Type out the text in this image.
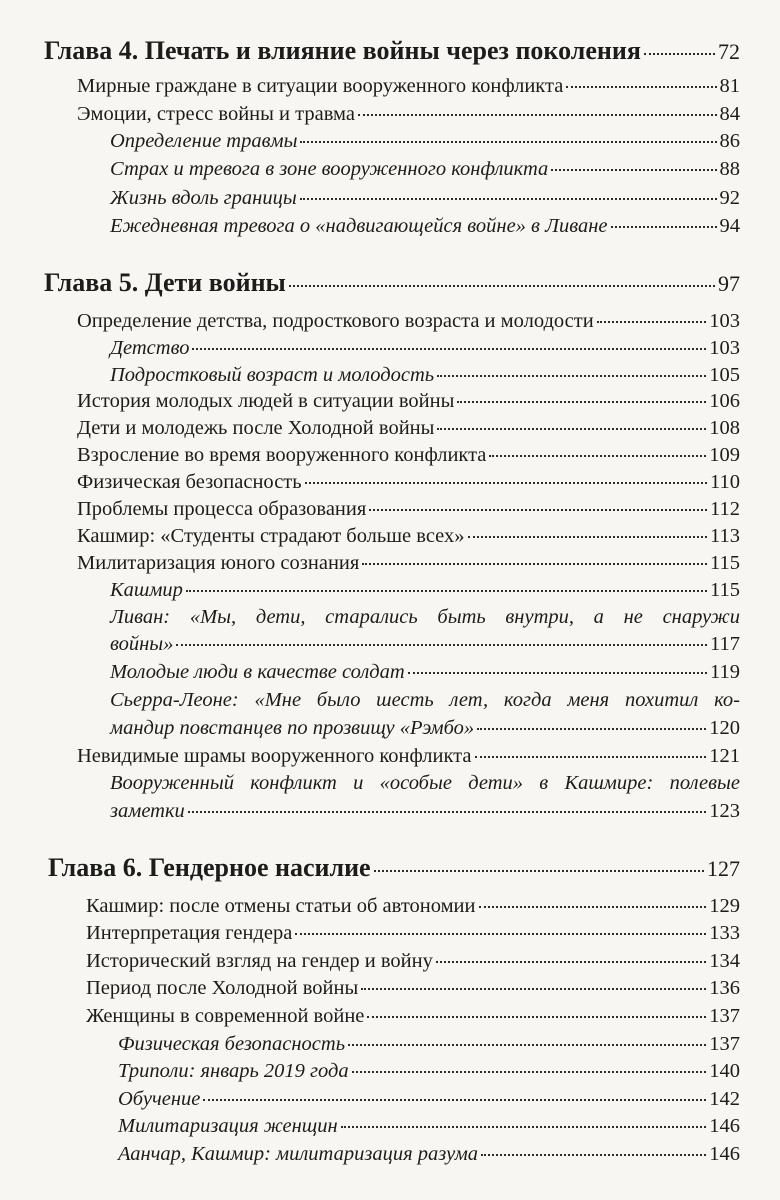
Глава 4. Печать и влияние войны через поколения	72
Мирные граждане в ситуации вооруженного конфликта	81
Эмоции, стресс войны и травма	84
Определение травмы	86
Страх и тревога в зоне вооруженного конфликта	88
Жизнь вдоль границы	92
Ежедневная тревога о «надвигающейся войне» в Ливане	94
Глава 5. Дети войны	97
Определение детства, подросткового возраста и молодости	103
Детство	103
Подростковый возраст и молодость	105
История молодых людей в ситуации войны	106
Дети и молодежь после Холодной войны	108
Взросление во время вооруженного конфликта	109
Физическая безопасность	110
Проблемы процесса образования	112
Кашмир: «Студенты страдают больше всех»	113
Милитаризация юного сознания	115
Кашмир	115
Ливан: «Мы, дети, старались быть внутри, а не снаружи
войны»	117
Молодые люди в качестве солдат	119
Сьерра-Леоне: «Мне было шесть лет, когда меня похитил ко-
мандир повстанцев по прозвищу «Рэмбо»	120
Невидимые шрамы вооруженного конфликта	121
Вооруженный конфликт и «особые дети» в Кашмире: полевые
заметки	123
Глава 6. Гендерное насилие	127
Кашмир: после отмены статьи об автономии	129
Интерпретация гендера	133
Исторический взгляд на гендер и войну	134
Период после Холодной войны	136
Женщины в современной войне	137
Физическая безопасность	137
Триполи: январь 2019 года	140
Обучение	142
Милитаризация женщин	146
Аанчар, Кашмир: милитаризация разума	146
